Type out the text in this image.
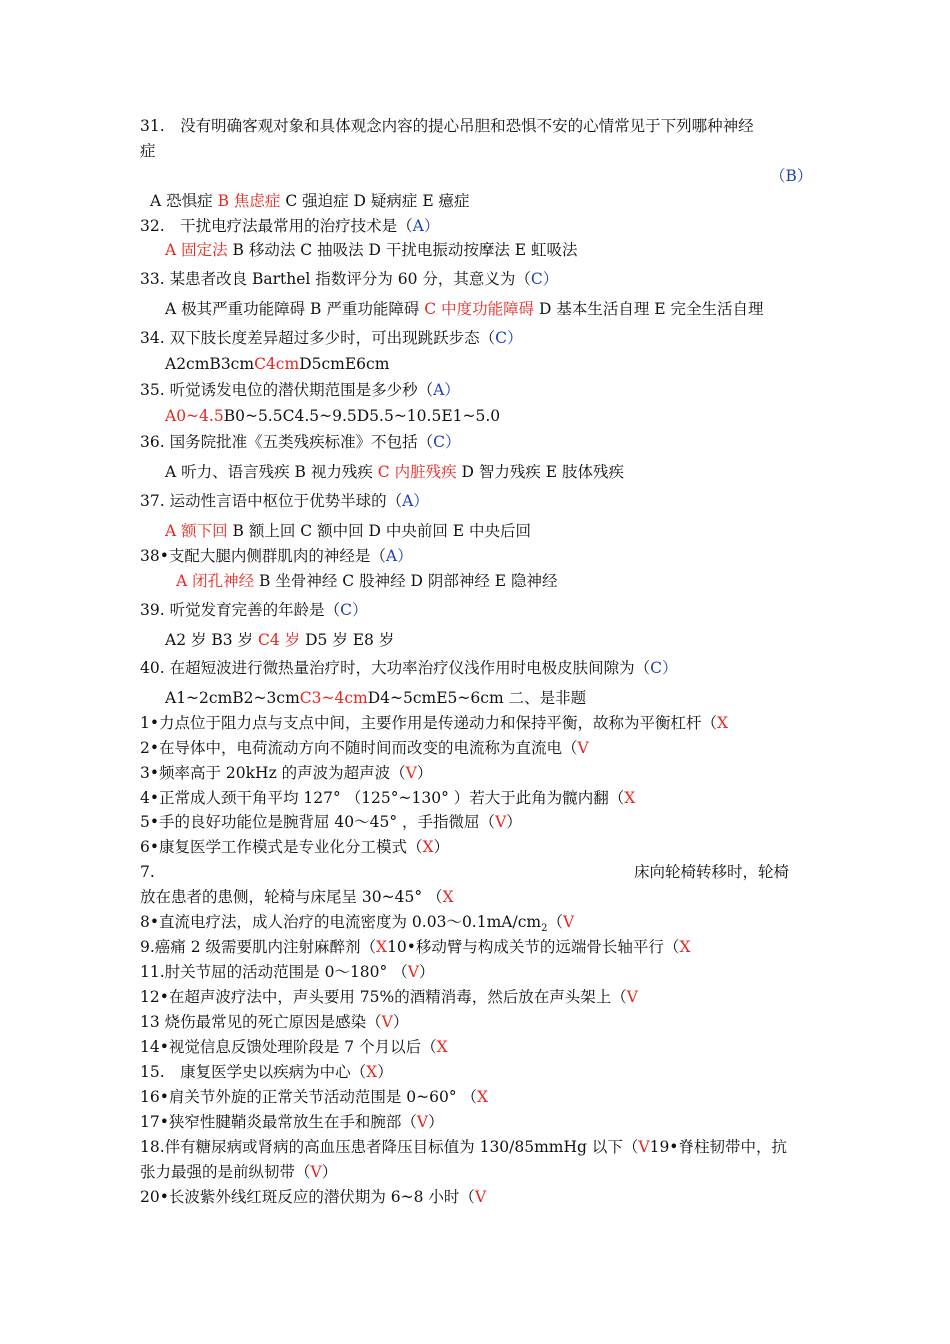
31.　没有明确客观对象和具体观念内容的提心吊胆和恐惧不安的心情常见于下列哪种神经
症
（B）
A 恐惧症 B 焦虑症 C 强迫症 D 疑病症 E 癔症
32.　干扰电疗法最常用的治疗技术是（A）
A 固定法 B 移动法 C 抽吸法 D 干扰电振动按摩法 E 虹吸法
33. 某患者改良 Barthel 指数评分为 60 分，其意义为（C）
A 极其严重功能障碍 B 严重功能障碍 C 中度功能障碍 D 基本生活自理 E 完全生活自理
34. 双下肢长度差异超过多少时，可出现跳跃步态（C）
A2cmB3cmC4cmD5cmE6cm
35. 听觉诱发电位的潜伏期范围是多少秒（A）
A0~4.5B0~5.5C4.5~9.5D5.5~10.5E1~5.0
36. 国务院批准《五类残疾标准》不包括（C）
A 听力、语言残疾 B 视力残疾 C 内脏残疾 D 智力残疾 E 肢体残疾
37. 运动性言语中枢位于优势半球的（A）
A 额下回 B 额上回 C 额中回 D 中央前回 E 中央后回
38•支配大腿内侧群肌肉的神经是（A）
A 闭孔神经 B 坐骨神经 C 股神经 D 阴部神经 E 隐神经
39. 听觉发育完善的年龄是（C）
A2 岁 B3 岁 C4 岁 D5 岁 E8 岁
40. 在超短波进行微热量治疗时，大功率治疗仪浅作用时电极皮肤间隙为（C）
A1~2cmB2~3cmC3~4cmD4~5cmE5~6cm 二、是非题
1•力点位于阻力点与支点中间，主要作用是传递动力和保持平衡，故称为平衡杠杆（X
2•在导体中，电荷流动方向不随时间而改变的电流称为直流电（V
3•频率高于 20kHz 的声波为超声波（V）
4•正常成人颈干角平均 127° （125°~130° ）若大于此角为髋内翻（X
5•手的良好功能位是腕背屈 40〜45° ，手指微屈（V）
6•康复医学工作模式是专业化分工模式（X）
7.	床向轮椅转移时，轮椅
放在患者的患侧，轮椅与床尾呈 30~45° （X
8•直流电疗法，成人治疗的电流密度为 0.03〜$0.1mA/cm_2(V$
9.癌痛 2 级需要肌内注射麻醉剂（X10•移动臂与构成关节的远端骨长轴平行（X
11.肘关节屈的活动范围是 0〜180° （V）
12•在超声波疗法中，声头要用 75%的酒精消毒，然后放在声头架上（V
13 烧伤最常见的死亡原因是感染（V）
14•视觉信息反馈处理阶段是 7 个月以后（X
15.　康复医学史以疾病为中心（X）
16•肩关节外旋的正常关节活动范围是 0~60° （X
17•狭窄性腱鞘炎最常放生在手和腕部（V）
18.伴有糖尿病或肾病的高血压患者降压目标值为 130/85mmHg 以下（V19•脊柱韧带中，抗
张力最强的是前纵韧带（V）
20•长波紫外线红斑反应的潜伏期为 6~8 小时（V
